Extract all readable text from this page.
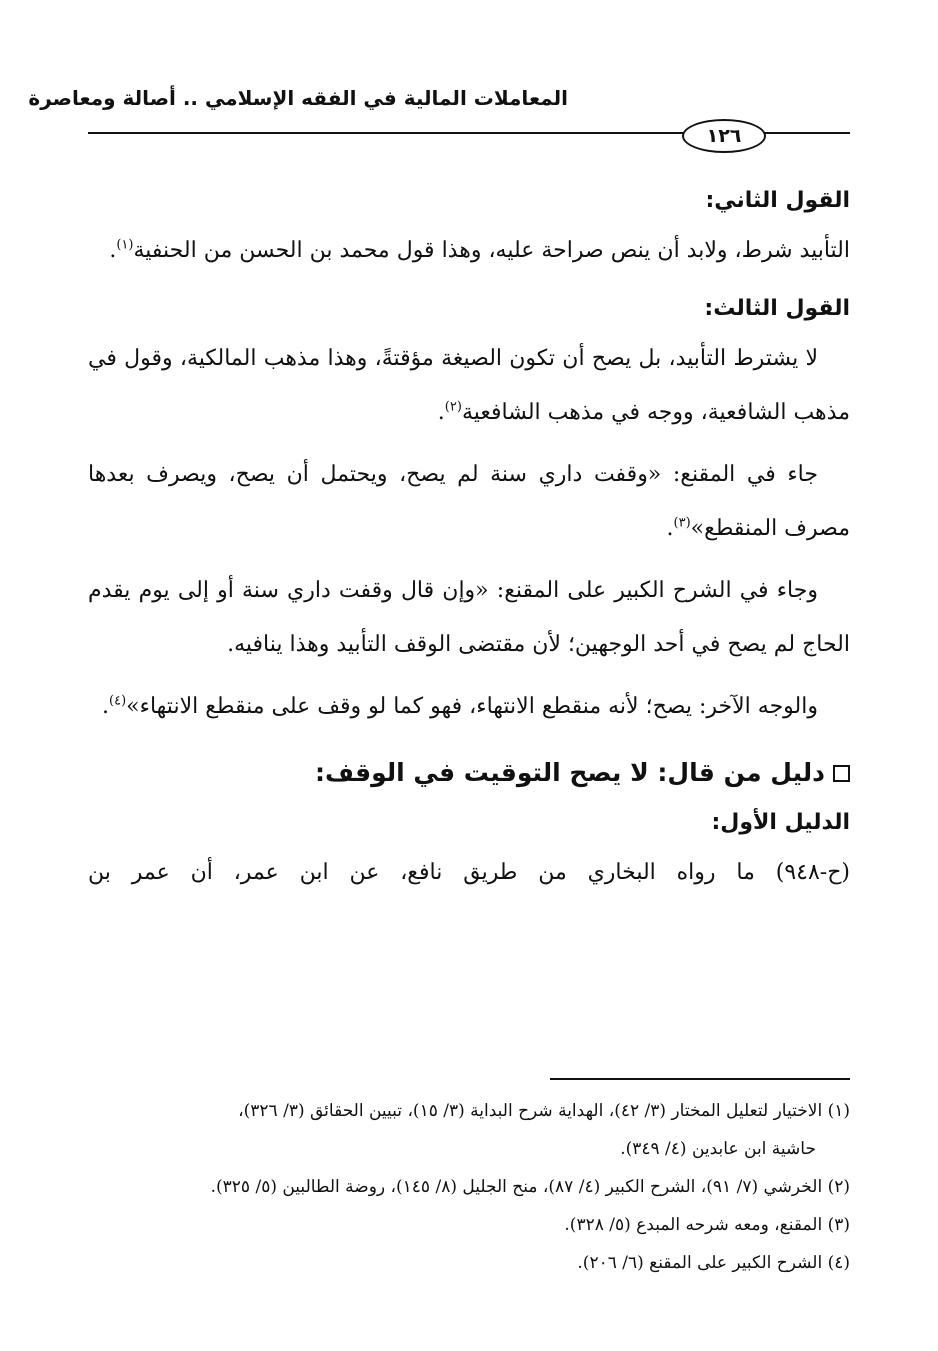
المعاملات المالية في الفقه الإسلامي .. أصالة ومعاصرة
١٢٦

القول الثاني:

التأبيد شرط، ولابد أن ينص صراحة عليه، وهذا قول محمد بن الحسن من الحنفية$^{(١)}$.

القول الثالث:

لا يشترط التأبيد، بل يصح أن تكون الصيغة مؤقتةً، وهذا مذهب المالكية، وقول في مذهب الشافعية، ووجه في مذهب الشافعية$^{(٢)}$.

جاء في المقنع: «وقفت داري سنة لم يصح، ويحتمل أن يصح، ويصرف بعدها مصرف المنقطع»$^{(٣)}$.

وجاء في الشرح الكبير على المقنع: «وإن قال وقفت داري سنة أو إلى يوم يقدم الحاج لم يصح في أحد الوجهين؛ لأن مقتضى الوقف التأبيد وهذا ينافيه.

والوجه الآخر: يصح؛ لأنه منقطع الانتهاء، فهو كما لو وقف على منقطع الانتهاء»$^{(٤)}$.

دليل من قال: لا يصح التوقيت في الوقف:

الدليل الأول:

(ح-٩٤٨) ما رواه البخاري من طريق نافع، عن ابن عمر، أن عمر بن

(١) الاختيار لتعليل المختار (٣/ ٤٢)، الهداية شرح البداية (٣/ ١٥)، تبيين الحقائق (٣/ ٣٢٦)،

حاشية ابن عابدين (٤/ ٣٤٩).

(٢) الخرشي (٧/ ٩١)، الشرح الكبير (٤/ ٨٧)، منح الجليل (٨/ ١٤٥)، روضة الطالبين (٥/ ٣٢٥).

(٣) المقنع، ومعه شرحه المبدع (٥/ ٣٢٨).

(٤) الشرح الكبير على المقنع (٦/ ٢٠٦).
